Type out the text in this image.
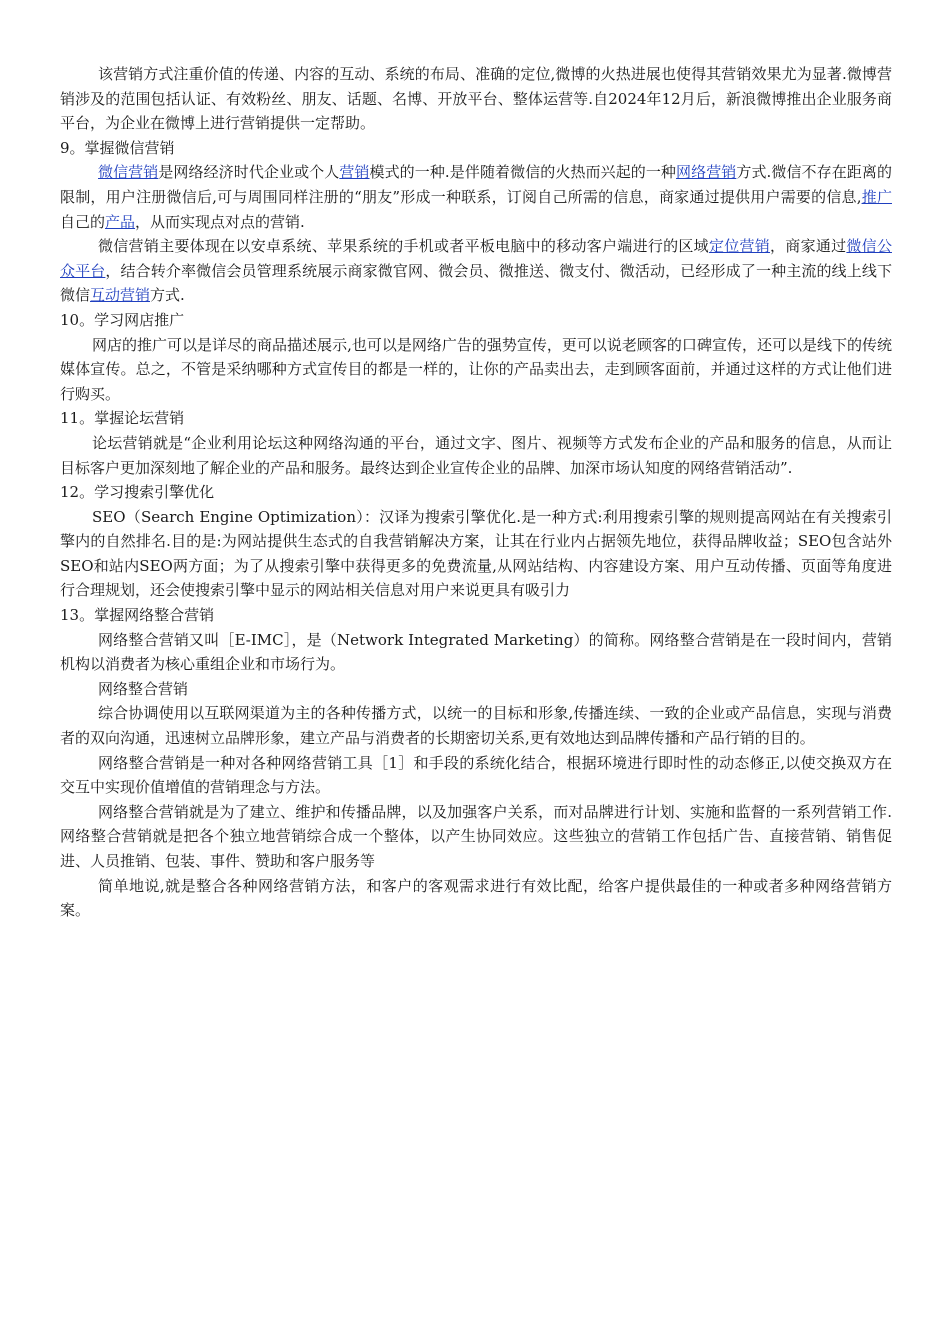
该营销方式注重价值的传递、内容的互动、系统的布局、准确的定位,微博的火热进展也使得其营销效果尤为显著.微博营销涉及的范围包括认证、有效粉丝、朋友、话题、名博、开放平台、整体运营等.自2024年12月后，新浪微博推出企业服务商平台，为企业在微博上进行营销提供一定帮助。

9。掌握微信营销

微信营销是网络经济时代企业或个人营销模式的一种.是伴随着微信的火热而兴起的一种网络营销方式.微信不存在距离的限制，用户注册微信后,可与周围同样注册的“朋友”形成一种联系，订阅自己所需的信息，商家通过提供用户需要的信息,推广自己的产品，从而实现点对点的营销.

微信营销主要体现在以安卓系统、苹果系统的手机或者平板电脑中的移动客户端进行的区域定位营销，商家通过微信公众平台，结合转介率微信会员管理系统展示商家微官网、微会员、微推送、微支付、微活动，已经形成了一种主流的线上线下微信互动营销方式.

10。学习网店推广

网店的推广可以是详尽的商品描述展示,也可以是网络广告的强势宣传，更可以说老顾客的口碑宣传，还可以是线下的传统媒体宣传。总之，不管是采纳哪种方式宣传目的都是一样的，让你的产品卖出去，走到顾客面前，并通过这样的方式让他们进行购买。

11。掌握论坛营销

论坛营销就是“企业利用论坛这种网络沟通的平台，通过文字、图片、视频等方式发布企业的产品和服务的信息，从而让目标客户更加深刻地了解企业的产品和服务。最终达到企业宣传企业的品牌、加深市场认知度的网络营销活动”.

12。学习搜索引擎优化

SEO（Search Engine Optimization）：汉译为搜索引擎优化.是一种方式:利用搜索引擎的规则提高网站在有关搜索引擎内的自然排名.目的是:为网站提供生态式的自我营销解决方案，让其在行业内占据领先地位，获得品牌收益；SEO包含站外SEO和站内SEO两方面；为了从搜索引擎中获得更多的免费流量,从网站结构、内容建设方案、用户互动传播、页面等角度进行合理规划，还会使搜索引擎中显示的网站相关信息对用户来说更具有吸引力

13。掌握网络整合营销

网络整合营销又叫［E-IMC］，是（Network Integrated Marketing）的简称。网络整合营销是在一段时间内，营销机构以消费者为核心重组企业和市场行为。

网络整合营销

综合协调使用以互联网渠道为主的各种传播方式，以统一的目标和形象,传播连续、一致的企业或产品信息，实现与消费者的双向沟通，迅速树立品牌形象，建立产品与消费者的长期密切关系,更有效地达到品牌传播和产品行销的目的。

网络整合营销是一种对各种网络营销工具［1］和手段的系统化结合，根据环境进行即时性的动态修正,以使交换双方在交互中实现价值增值的营销理念与方法。

网络整合营销就是为了建立、维护和传播品牌，以及加强客户关系，而对品牌进行计划、实施和监督的一系列营销工作.网络整合营销就是把各个独立地营销综合成一个整体，以产生协同效应。这些独立的营销工作包括广告、直接营销、销售促进、人员推销、包装、事件、赞助和客户服务等

简单地说,就是整合各种网络营销方法，和客户的客观需求进行有效比配，给客户提供最佳的一种或者多种网络营销方案。
